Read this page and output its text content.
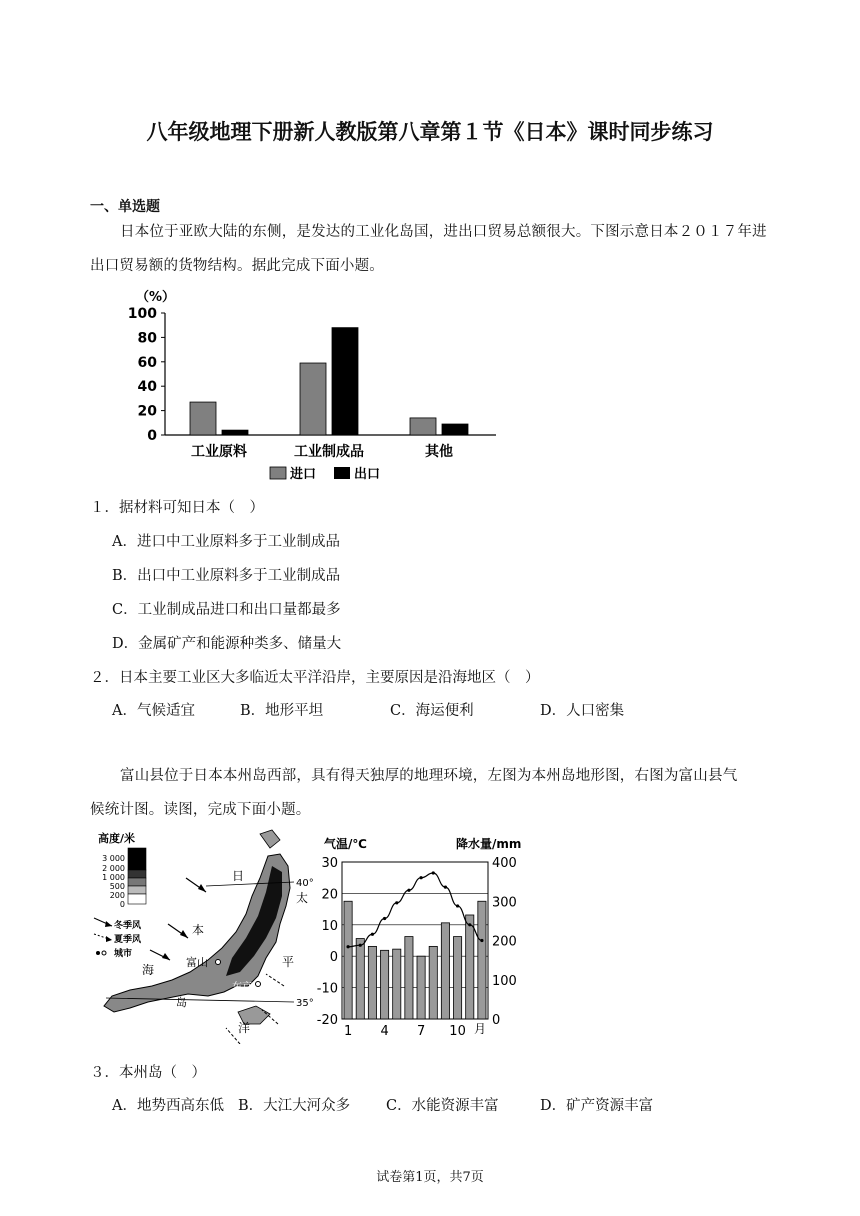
八年级地理下册新人教版第八章第１节《日本》课时同步练习
一、单选题
日本位于亚欧大陆的东侧，是发达的工业化岛国，进出口贸易总额很大。下图示意日本２０１７年进
出口贸易额的货物结构。据此完成下面小题。
（%）
0
20
40
60
80
100
工业原料	工业制成品	其他
进口	出口
１．据材料可知日本（　）
A．进口中工业原料多于工业制成品
B．出口中工业原料多于工业制成品
C．工业制成品进口和出口量都最多
D．金属矿产和能源种类多、储量大
２．日本主要工业区大多临近太平洋沿岸，主要原因是沿海地区（　）
A．气候适宜	B．地形平坦	C．海运便利	D．人口密集
富山县位于日本本州岛西部，具有得天独厚的地理环境，左图为本州岛地形图，右图为富山县气
候统计图。读图，完成下面小题。
高度/米
3 000
2 000
1 000
500
200
0
冬季风
夏季风
城市
40°
35°
日
本
海
太
平
洋
富山
东京
岛
气温/℃	降水量/mm
30
20
10
0
-10
-20
400
300
200
100
0
1 4 7 10 月
３．本州岛（　）
A．地势西高东低 B．大江大河众多 C．水能资源丰富	D．矿产资源丰富
试卷第1页，共7页
